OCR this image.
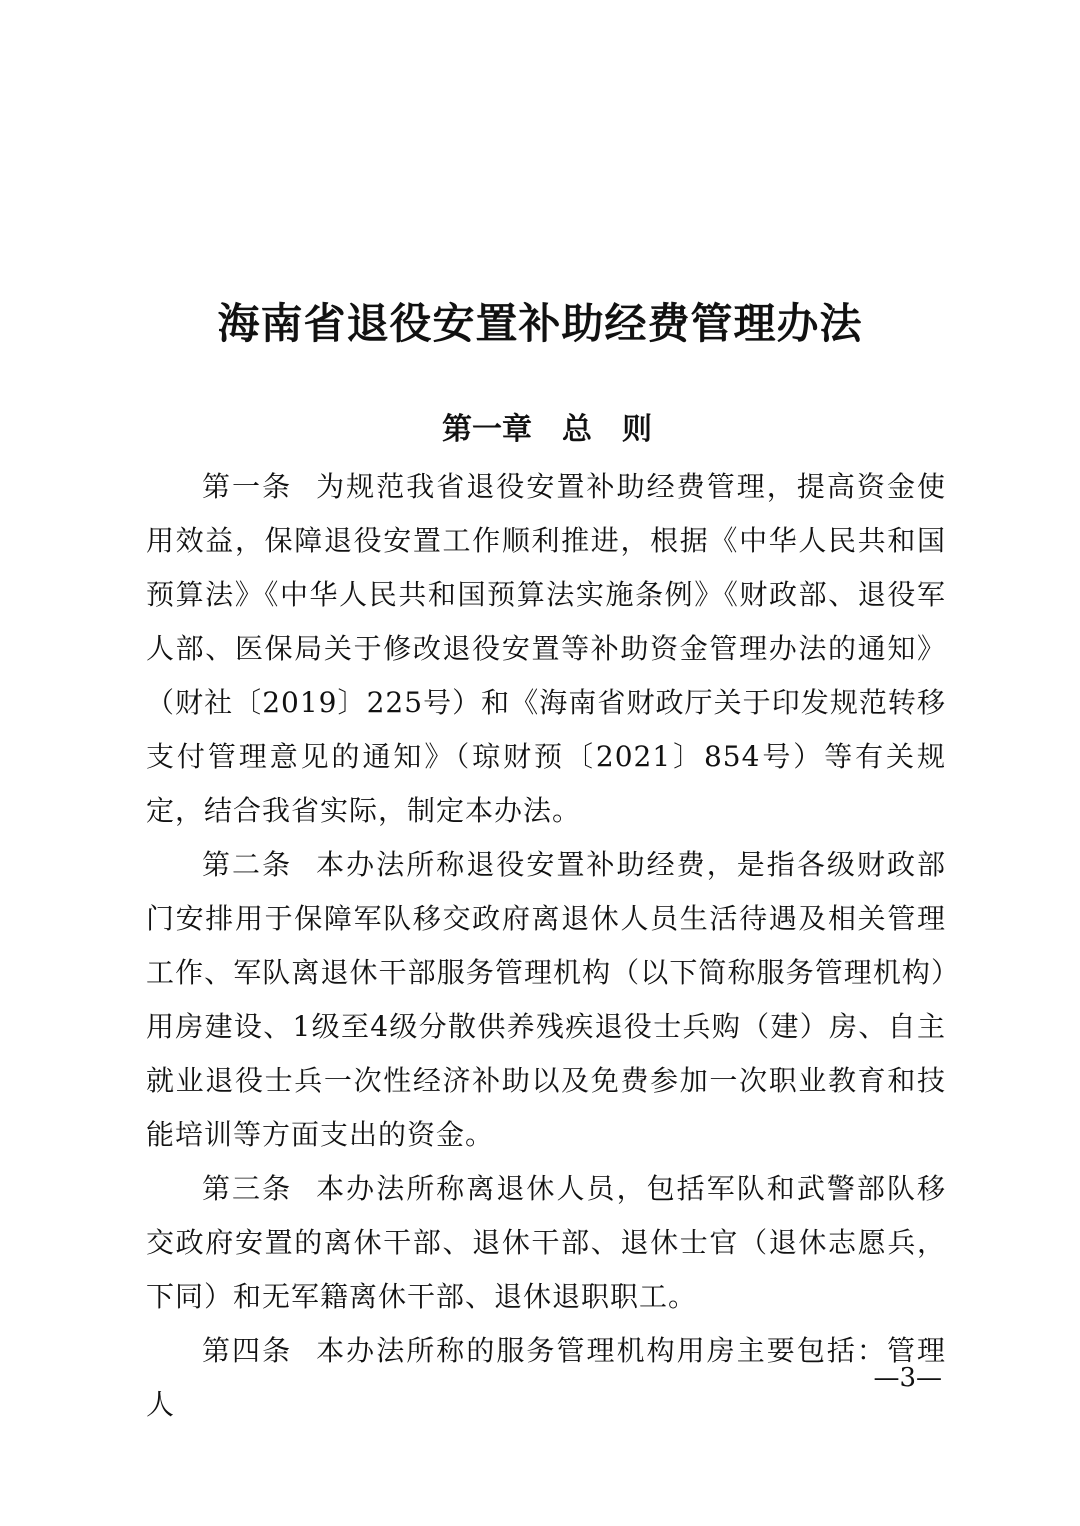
海南省退役安置补助经费管理办法
第一章　总　则

第一条 为规范我省退役安置补助经费管理，提高资金使用效益，保障退役安置工作顺利推进，根据《中华人民共和国预算法》《中华人民共和国预算法实施条例》《财政部、退役军人部、医保局关于修改退役安置等补助资金管理办法的通知》（财社〔2019〕225号）和《海南省财政厅关于印发规范转移支付管理意见的通知》（琼财预〔2021〕854号）等有关规定，结合我省实际，制定本办法。

第二条 本办法所称退役安置补助经费，是指各级财政部门安排用于保障军队移交政府离退休人员生活待遇及相关管理工作、军队离退休干部服务管理机构（以下简称服务管理机构）用房建设、1级至4级分散供养残疾退役士兵购（建）房、自主就业退役士兵一次性经济补助以及免费参加一次职业教育和技能培训等方面支出的资金。

第三条 本办法所称离退休人员，包括军队和武警部队移交政府安置的离休干部、退休干部、退休士官（退休志愿兵，下同）和无军籍离休干部、退休退职职工。

第四条 本办法所称的服务管理机构用房主要包括：管理人

—3—
